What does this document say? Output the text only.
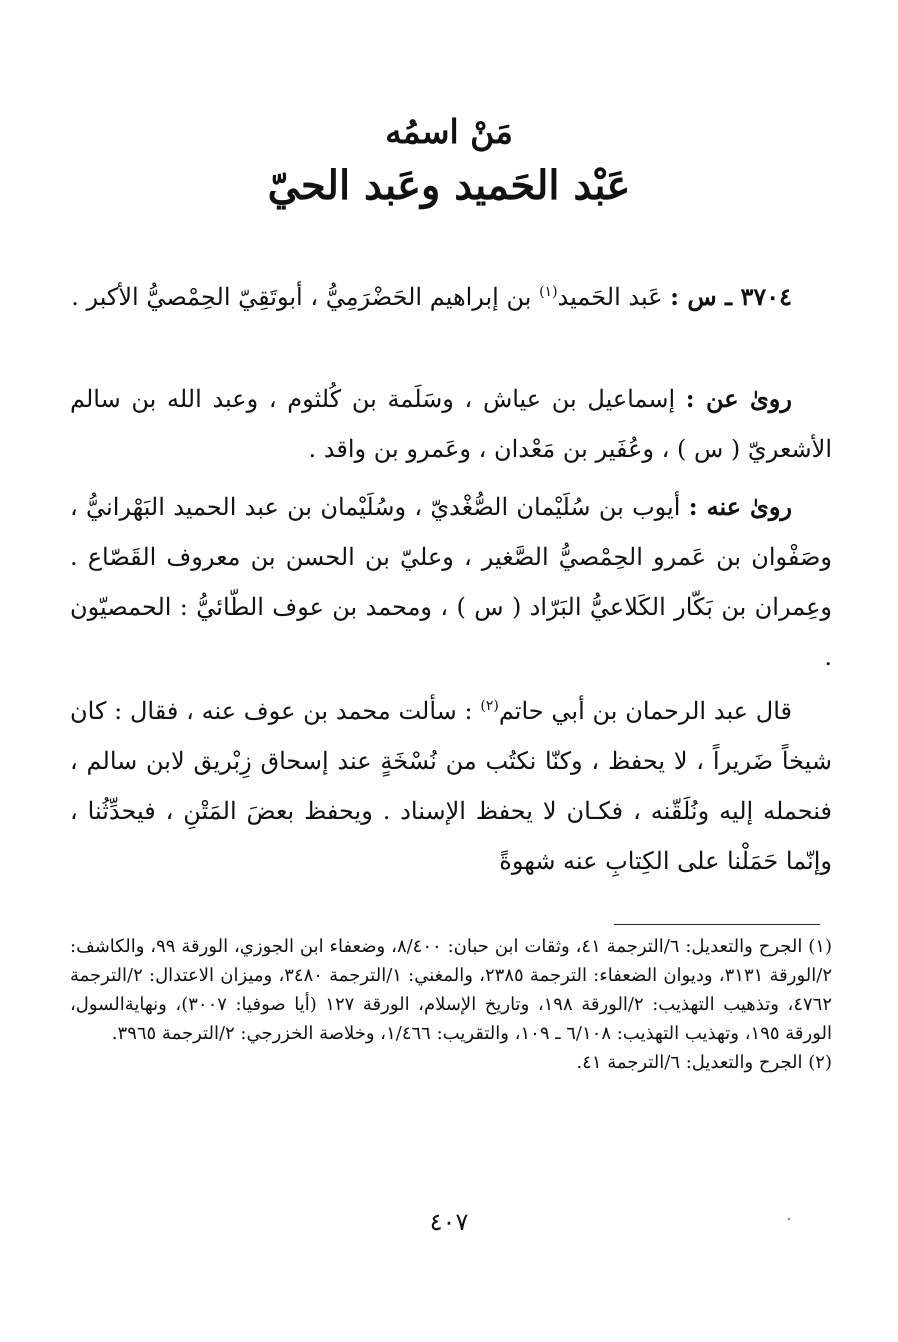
مَنْ اسمُه
عَبْد الحَميد وعَبد الحيّ
٣٧٠٤ ـ س : عَبد الحَميد$^{(١)}$ بن إبراهيم الحَضْرَمِيُّ ، أبوتَقِيّ الحِمْصيُّ الأكبر .
روىٰ عن : إسماعيل بن عياش ، وسَلَمة بن كُلثوم ، وعبد الله بن سالم الأشعريّ ( س ) ، وعُفَير بن مَعْدان ، وعَمرو بن واقد .
روىٰ عنه : أيوب بن سُلَيْمان الصُّغْديّ ، وسُلَيْمان بن عبد الحميد البَهْرانيُّ ، وصَفْوان بن عَمرو الحِمْصيُّ الصَّغير ، وعليّ بن الحسن بن معروف القَصّاع . وعِمران بن بَكّار الكَلاعيُّ البَرّاد ( س ) ، ومحمد بن عوف الطّائيُّ : الحمصيّون .
قال عبد الرحمان بن أبي حاتم$^{(٢)}$ : سألت محمد بن عوف عنه ، فقال : كان شيخاً ضَريراً ، لا يحفظ ، وكنّا نكتُب من نُسْخَةٍ عند إسحاق زِبْريق لابن سالم ، فنحمله إليه ونُلَقّنه ، فكـان لا يحفظ الإسناد . ويحفظ بعضَ المَتْنِ ، فيحدِّثُنا ، وإنّما حَمَلْنا على الكِتابِ عنه شهوةً

(١) الجرح والتعديل: ٦/الترجمة ٤١، وثقات ابن حبان: ٨/٤٠٠، وضعفاء ابن الجوزي، الورقة ٩٩، والكاشف: ٢/الورقة ٣١٣١، وديوان الضعفاء: الترجمة ٢٣٨٥، والمغني: ١/الترجمة ٣٤٨٠، وميزان الاعتدال: ٢/الترجمة ٤٧٦٢، وتذهيب التهذيب: ٢/الورقة ١٩٨، وتاريخ الإسلام، الورقة ١٢٧ (أيا صوفيا: ٣٠٠٧)، ونهايةالسول، الورقة ١٩٥، وتهذيب التهذيب: ٦/١٠٨ ـ ١٠٩، والتقريب: ١/٤٦٦، وخلاصة الخزرجي: ٢/الترجمة ٣٩٦٥.

(٢) الجرح والتعديل: ٦/الترجمة ٤١.

٤٠٧
